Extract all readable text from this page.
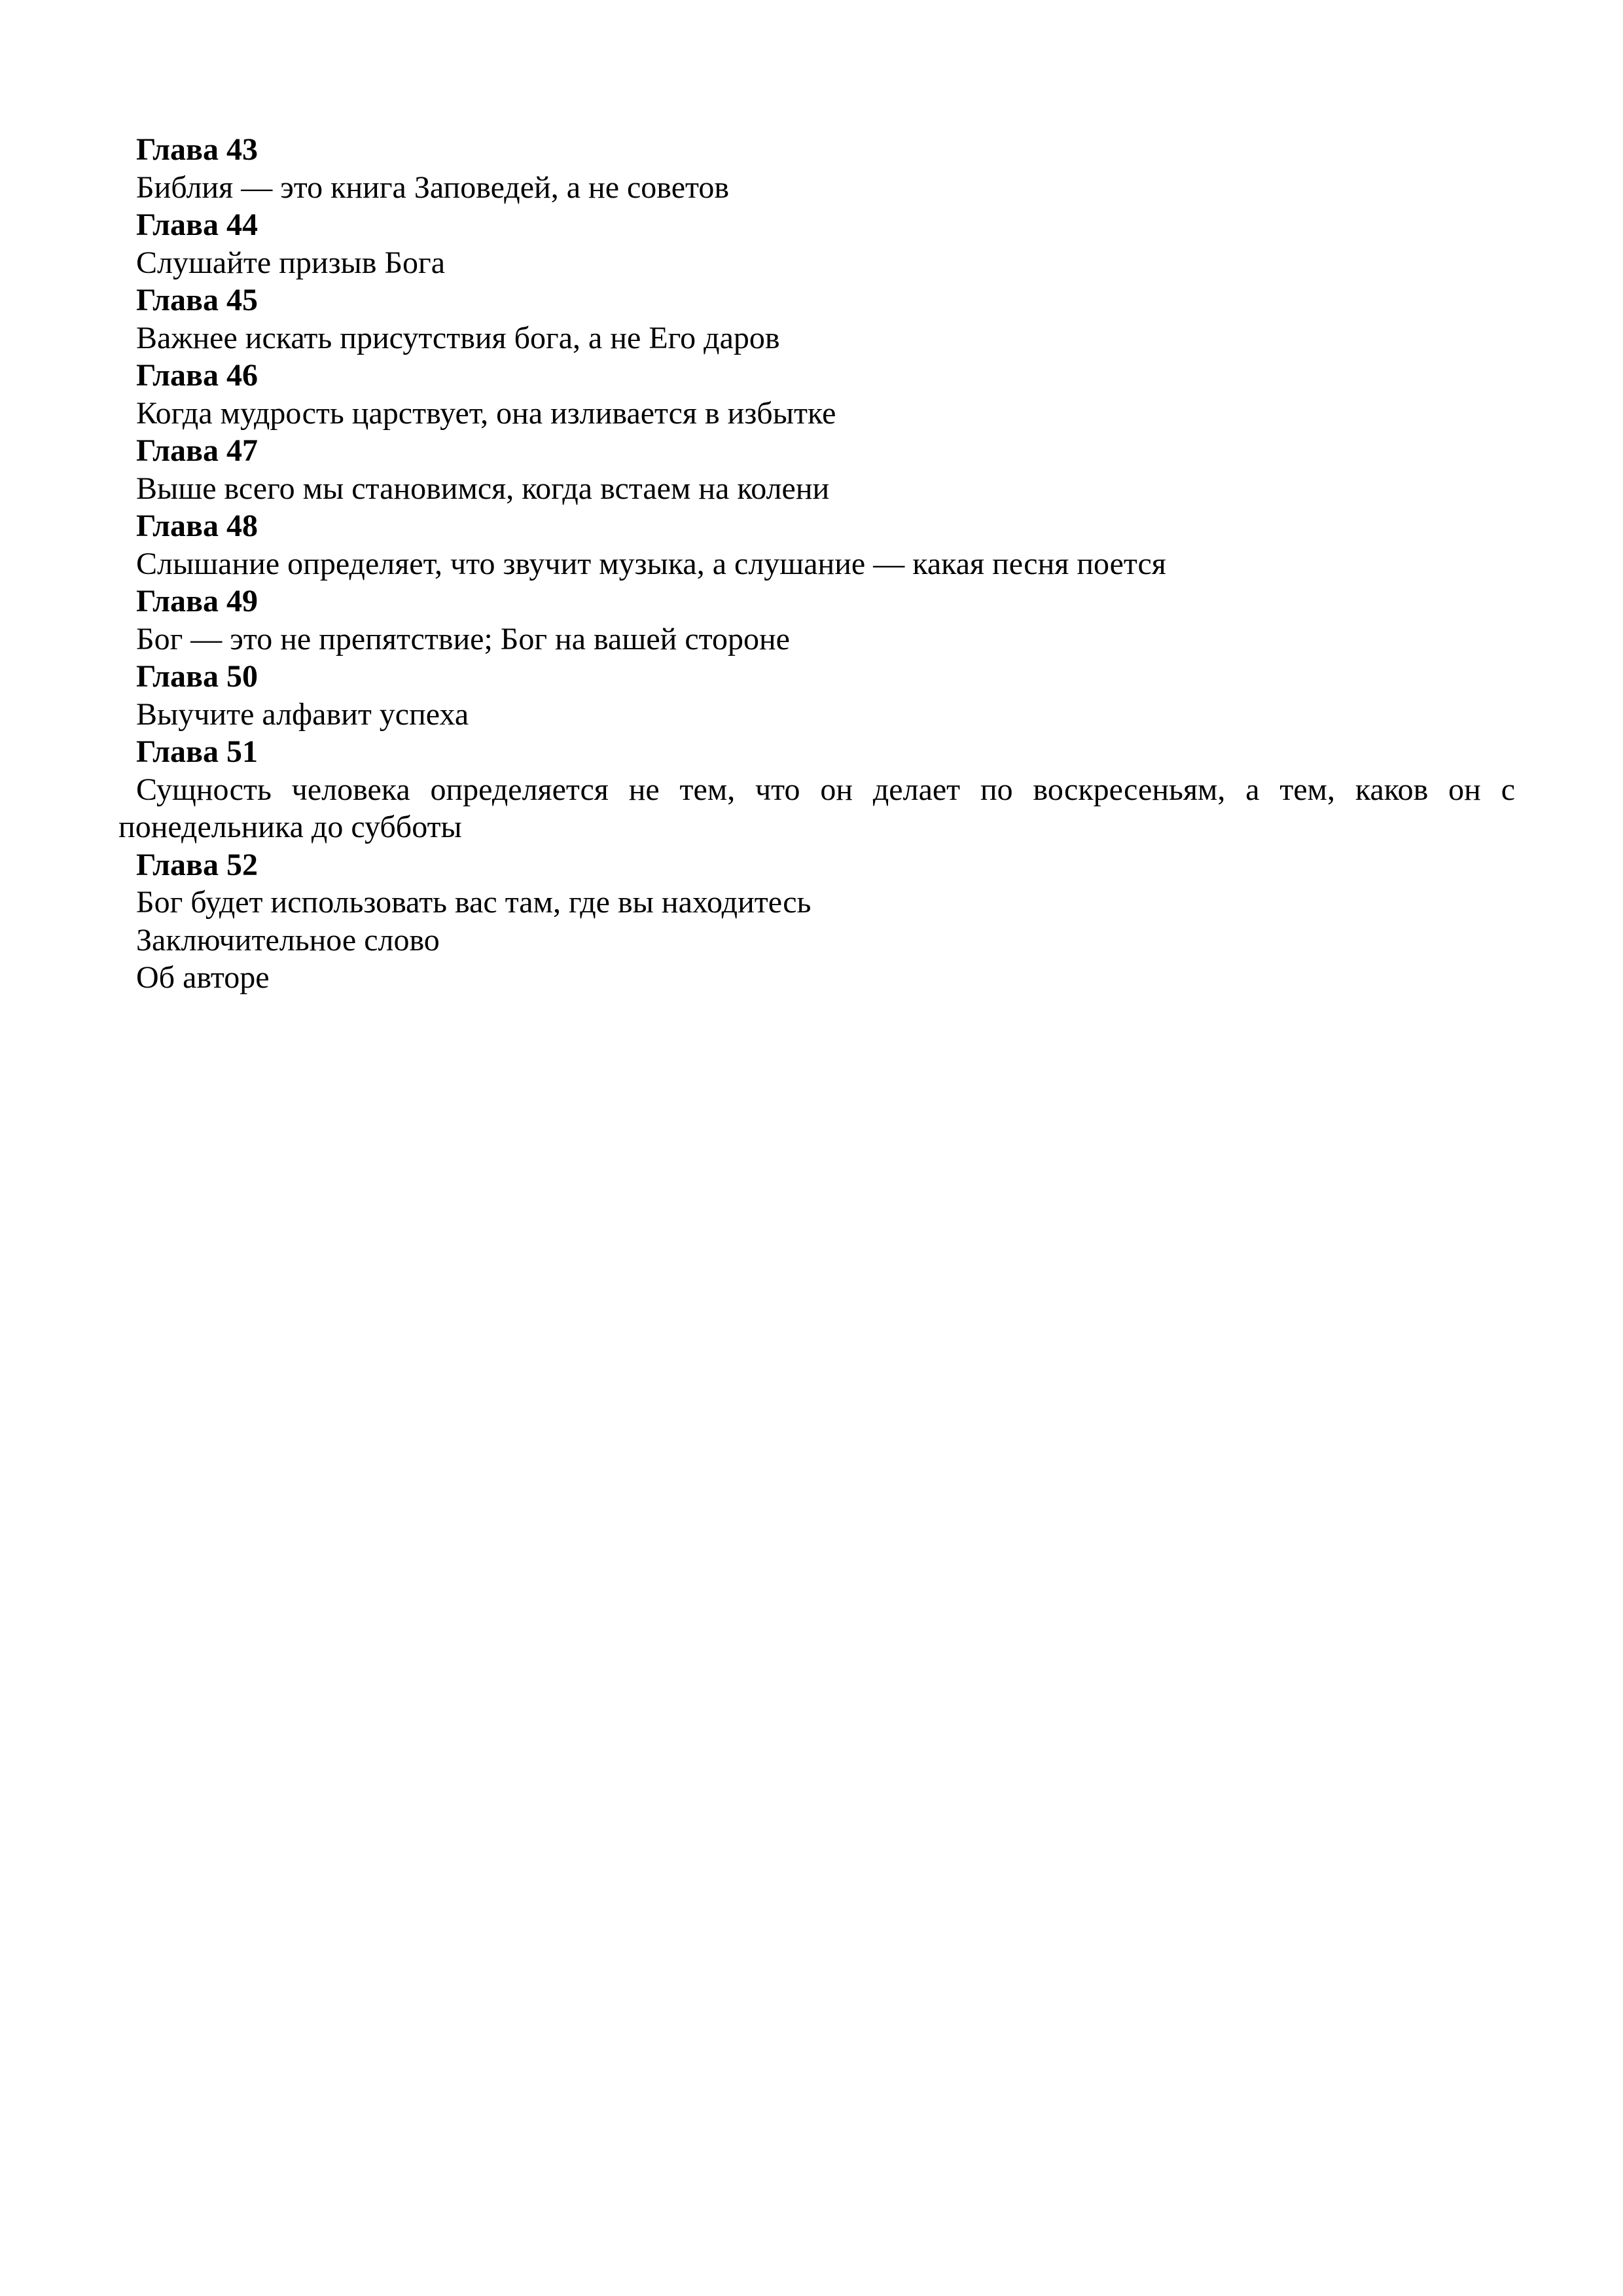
Глава 43
Библия — это книга Заповедей, а не советов
Глава 44
Слушайте призыв Бога
Глава 45
Важнее искать присутствия бога, а не Его даров
Глава 46
Когда мудрость царствует, она изливается в избытке
Глава 47
Выше всего мы становимся, когда встаем на колени
Глава 48
Слышание определяет, что звучит музыка, а слушание — какая песня поется
Глава 49
Бог — это не препятствие; Бог на вашей стороне
Глава 50
Выучите алфавит успеха
Глава 51
Сущность человека определяется не тем, что он делает по воскресеньям, а тем, каков он с понедельника до субботы
Глава 52
Бог будет использовать вас там, где вы находитесь
Заключительное слово
Об авторе
